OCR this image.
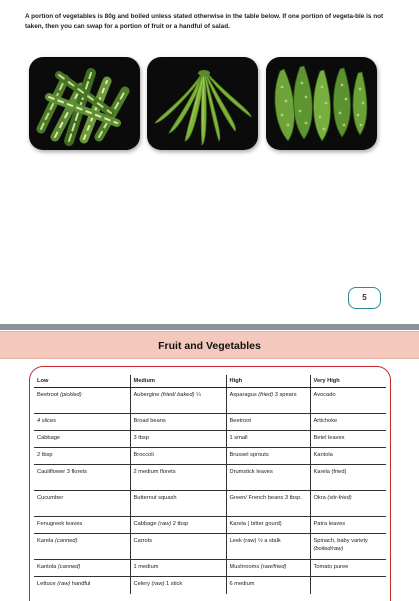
A portion of vegetables is 80g and boiled unless stated otherwise in the table below. If one portion of vegeta-ble is not taken, then you can swap for a portion of fruit or a handful of salad.

5
Fruit and Vegetables
Low	Medium	High	Very High
Beetroot (pickled)	Aubergine (fried/ baked) ¼	Asparagus (fried) 3 spears	Avocado
4 slices	Broad beans	Beetroot	Artichoke
Cabbage	3 tbsp	1 small	Betel leaves
2 tbsp	Broccoli	Brussel sprouts	Kantola
Cauliflower 3 florets	2 medium florets	Drumstick leaves	Karela (fried)
Cucumber	Butternut squash	Green/ French beans 3 tbsp.	Okra (stir-fried)
Fenugreek leaves	Cabbage (raw) 2 tbsp	Karela ( bitter gourd)	Patra leaves
Karela (canned)	Carrots	Leek (raw) ½ a stalk	Spinach, baby variety (boiled/raw)
Kantola (canned)	1 medium	Mushrooms (raw/fried)	Tomato puree
Lettuce (raw) handful	Celery (raw) 1 stick	6 medium	
